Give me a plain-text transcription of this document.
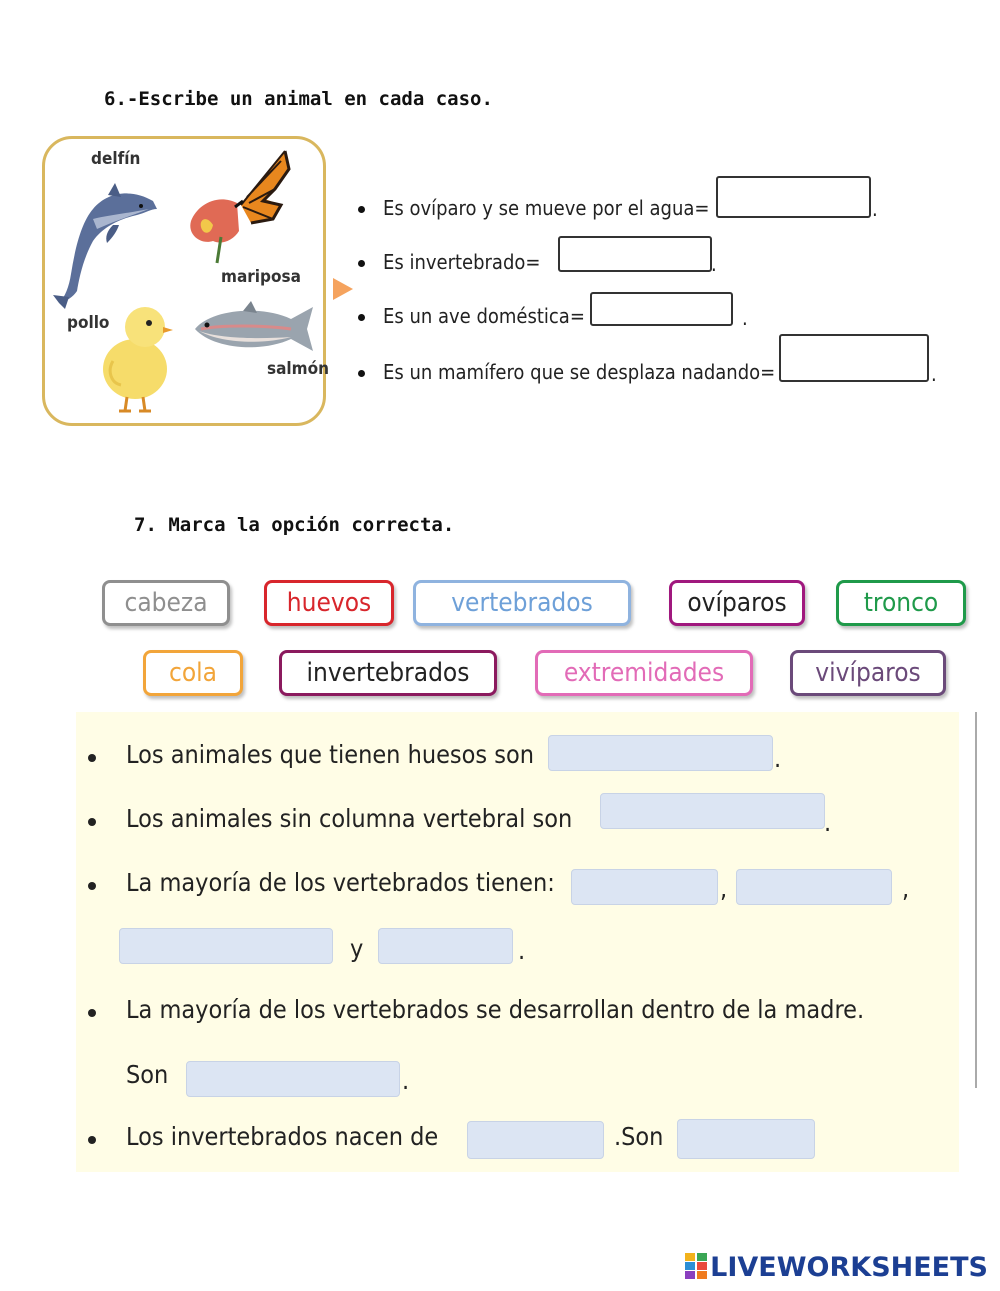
6.-Escribe un animal en cada caso.
delfín
mariposa
pollo
salmón
Es ovíparo y se mueve por el agua=	.
Es invertebrado=	.
Es un ave doméstica=	.
Es un mamífero que se desplaza nadando=	.
7. Marca la opción correcta.
cabeza	huevos	vertebrados	ovíparos	tronco
cola	invertebrados	extremidades	vivíparos
Los animales que tienen huesos son	.
Los animales sin columna vertebral son	.
La mayoría de los vertebrados tienen:	,	,
y	.
La mayoría de los vertebrados se desarrollan dentro de la madre.
Son	.
Los invertebrados nacen de	.Son
LIVEWORKSHEETS
